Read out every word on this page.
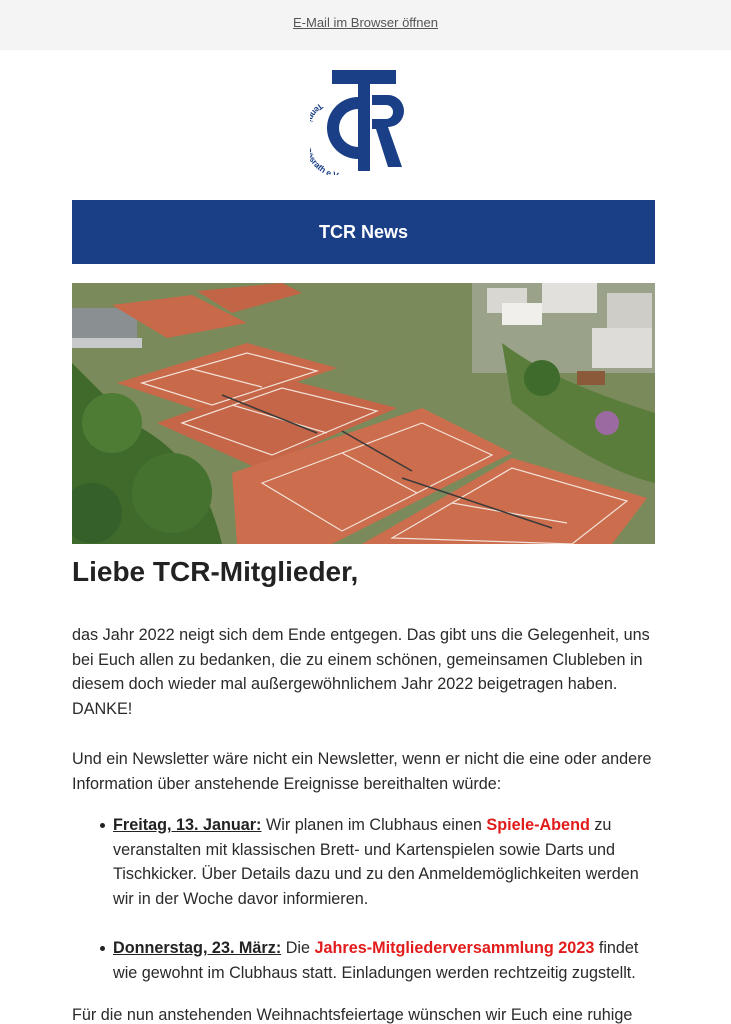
E-Mail im Browser öffnen
Te rath e.V
TCR News
Liebe TCR-Mitglieder,

das Jahr 2022 neigt sich dem Ende entgegen. Das gibt uns die Gelegenheit, uns bei Euch allen zu bedanken, die zu einem schönen, gemeinsamen Clubleben in diesem doch wieder mal außergewöhnlichem Jahr 2022 beigetragen haben. DANKE!

Und ein Newsletter wäre nicht ein Newsletter, wenn er nicht die eine oder andere Information über anstehende Ereignisse bereithalten würde:

Freitag, 13. Januar: Wir planen im Clubhaus einen Spiele-Abend zu veranstalten mit klassischen Brett- und Kartenspielen sowie Darts und Tischkicker. Über Details dazu und zu den Anmeldemöglichkeiten werden wir in der Woche davor informieren.
Donnerstag, 23. März: Die Jahres-Mitgliederversammlung 2023 findet wie gewohnt im Clubhaus statt. Einladungen werden rechtzeitig zugstellt.

Für die nun anstehenden Weihnachtsfeiertage wünschen wir Euch eine ruhige
